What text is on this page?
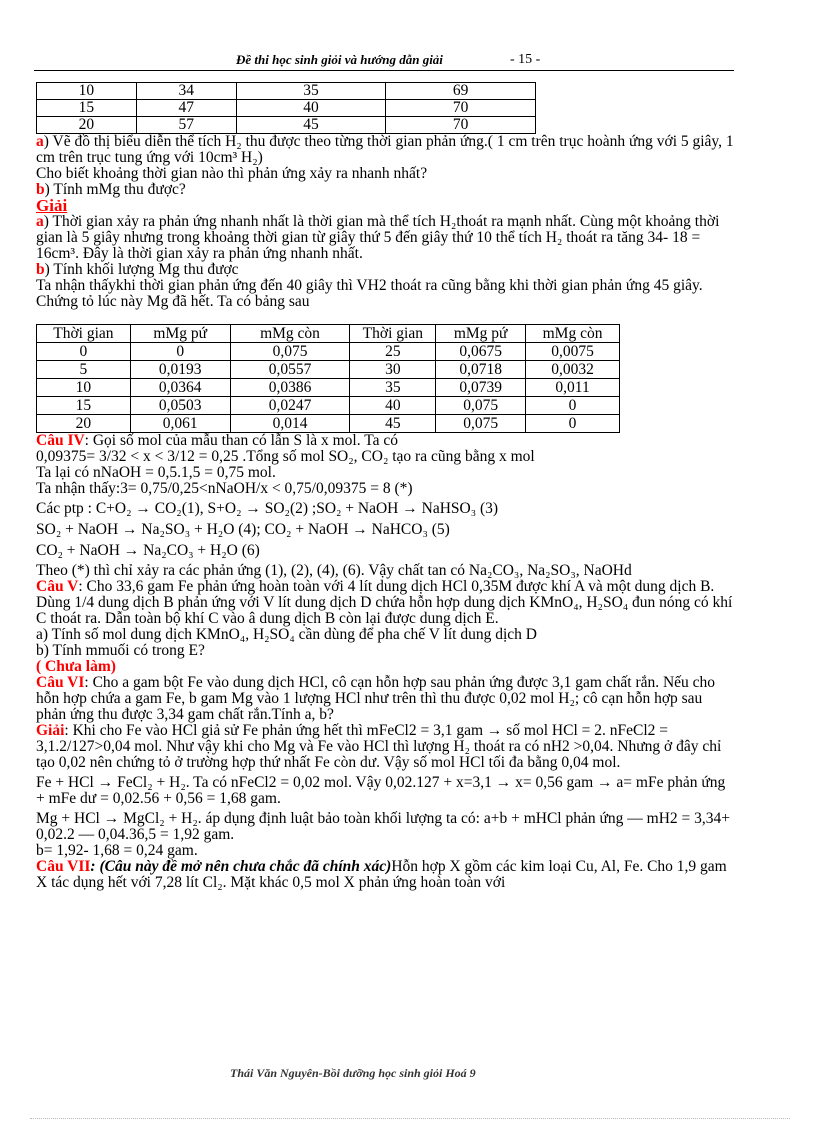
Đề thi học sinh giỏi và hướng dẫn giải	- 15 -
10	34	35	69
15	47	40	70
20	57	45	70

a) Vẽ đồ thị biểu diễn thể tích H₂ thu được theo từng thời gian phản ứng.( 1 cm trên trục hoành ứng với 5 giây, 1 cm trên trục tung ứng với 10cm³ H₂)

Cho biết khoảng thời gian nào thì phản ứng xảy ra nhanh nhất?

b) Tính mMg thu được?

Giải

a) Thời gian xảy ra phản ứng nhanh nhất là thời gian mà thể tích H₂thoát ra mạnh nhất. Cùng một khoảng thời gian là 5 giây nhưng trong khoảng thời gian từ giây thứ 5 đến giây thứ 10 thể tích H₂ thoát ra tăng 34- 18 = 16cm³. Đây là thời gian xảy ra phản ứng nhanh nhất.

b) Tính khối lượng Mg thu được

Ta nhận thấykhi thời gian phản ứng đến 40 giây thì VH2 thoát ra cũng bằng khi thời gian phản ứng 45 giây. Chứng tỏ lúc này Mg đã hết. Ta có bảng sau

Thời gian	mMg pứ	mMg còn	Thời gian	mMg pứ	mMg còn
0	0	0,075	25	0,0675	0,0075
5	0,0193	0,0557	30	0,0718	0,0032
10	0,0364	0,0386	35	0,0739	0,011
15	0,0503	0,0247	40	0,075	0
20	0,061	0,014	45	0,075	0

Câu IV: Gọi số mol của mẫu than có lẫn S là x mol. Ta có

0,09375= 3/32 < x < 3/12 = 0,25 .Tổng số mol SO₂, CO₂ tạo ra cũng bằng x mol

Ta lại có nNaOH = 0,5.1,5 = 0,75 mol.

Ta nhận thấy:3= 0,75/0,25<nNaOH/x < 0,75/0,09375 = 8 (*)

Các ptp : C+O₂ → CO₂(1), S+O₂ → SO₂(2) ;SO₂ + NaOH → NaHSO₃ (3)

SO₂ + NaOH → Na₂SO₃ + H₂O (4); CO₂ + NaOH → NaHCO₃ (5)

CO₂ + NaOH → Na₂CO₃ + H₂O (6)

Theo (*) thì chỉ xảy ra các phản ứng (1), (2), (4), (6). Vậy chất tan có Na₂CO₃, Na₂SO₃, NaOHd

Câu V: Cho 33,6 gam Fe phản ứng hoàn toàn với 4 lít dung dịch HCl 0,35M được khí A và một dung dịch B. Dùng 1/4 dung dịch B phản ứng với V lít dung dịch D chứa hỗn hợp dung dịch KMnO₄, H₂SO₄ đun nóng có khí C thoát ra. Dẫn toàn bộ khí C vào â dung dịch B còn lại được dung dịch E.

a) Tính số mol dung dịch KMnO₄, H₂SO₄ cần dùng để pha chế V lít dung dịch D

b) Tính mmuối có trong E?

( Chưa làm)

Câu VI: Cho a gam bột Fe vào dung dịch HCl, cô cạn hỗn hợp sau phản ứng được 3,1 gam chất rắn. Nếu cho hỗn hợp chứa a gam Fe, b gam Mg vào 1 lượng HCl như trên thì thu được 0,02 mol H₂; cô cạn hỗn hợp sau phản ứng thu được 3,34 gam chất rắn.Tính a, b?

Giải: Khi cho Fe vào HCl giả sử Fe phản ứng hết thì mFeCl2 = 3,1 gam → số mol HCl = 2. nFeCl2 = 3,1.2/127>0,04 mol. Như vậy khi cho Mg và Fe vào HCl thì lượng H₂ thoát ra có nH2 >0,04. Nhưng ở đây chỉ tạo 0,02 nên chứng tỏ ở trường hợp thứ nhất Fe còn dư. Vậy số mol HCl tối đa bằng 0,04 mol.

Fe + HCl → FeCl₂ + H₂. Ta có nFeCl2 = 0,02 mol. Vậy 0,02.127 + x=3,1 → x= 0,56 gam → a= mFe phản ứng + mFe dư = 0,02.56 + 0,56 = 1,68 gam.

Mg + HCl → MgCl₂ + H₂. áp dụng định luật bảo toàn khối lượng ta có: a+b + mHCl phản ứng — mH2 = 3,34+ 0,02.2 — 0,04.36,5 = 1,92 gam.

b= 1,92- 1,68 = 0,24 gam.

Câu VII: (Câu này đề mở nên chưa chắc đã chính xác)Hỗn hợp X gồm các kim loại Cu, Al, Fe. Cho 1,9 gam X tác dụng hết với 7,28 lít Cl₂. Mặt khác 0,5 mol X phản ứng hoàn toàn với

Thái Văn Nguyên-Bồi dưỡng học sinh giỏi Hoá 9
